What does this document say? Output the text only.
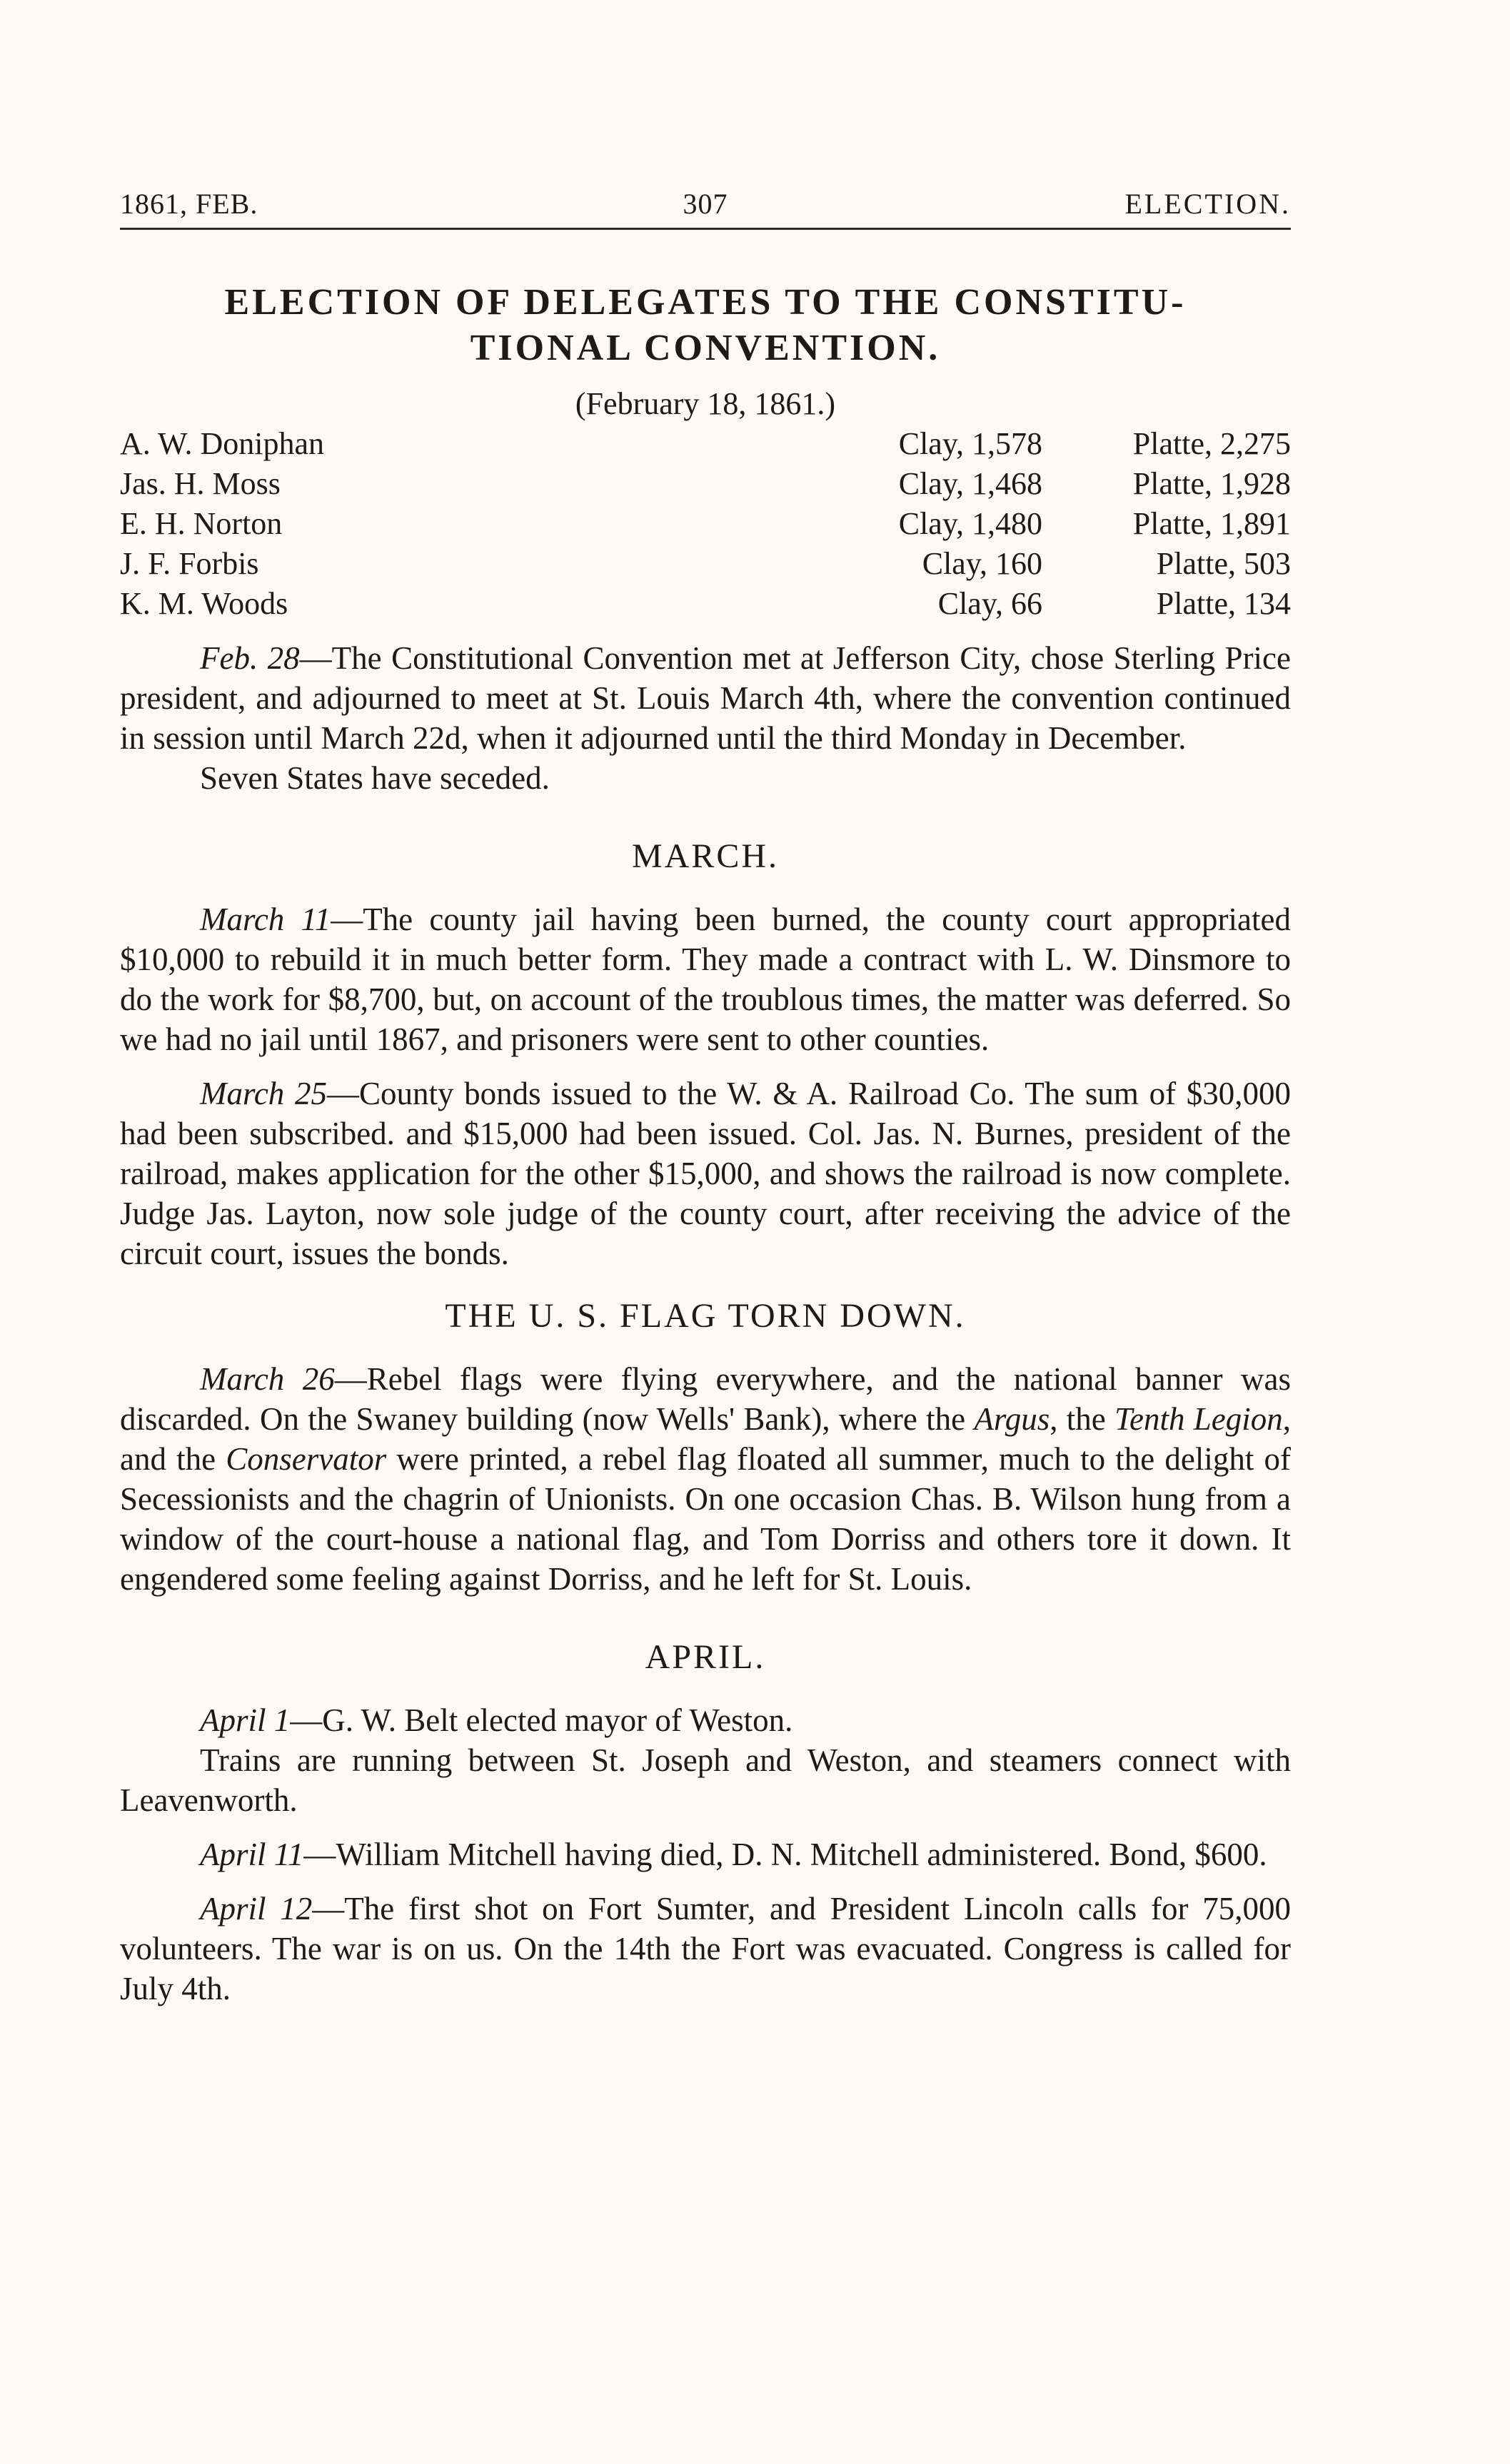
1861, FEB.	307	ELECTION.
ELECTION OF DELEGATES TO THE CONSTITU-
TIONAL CONVENTION.
(February 18, 1861.)
A. W. Doniphan	Clay, 1,578	Platte, 2,275
Jas. H. Moss	Clay, 1,468	Platte, 1,928
E. H. Norton	Clay, 1,480	Platte, 1,891
J. F. Forbis	Clay, 160	Platte, 503
K. M. Woods	Clay, 66	Platte, 134

Feb. 28—The Constitutional Convention met at Jefferson City, chose Sterling Price president, and adjourned to meet at St. Louis March 4th, where the convention continued in session until March 22d, when it adjourned until the third Monday in December.

Seven States have seceded.

MARCH.

March 11—The county jail having been burned, the county court appropriated $10,000 to rebuild it in much better form. They made a contract with L. W. Dinsmore to do the work for $8,700, but, on account of the troublous times, the matter was deferred. So we had no jail until 1867, and prisoners were sent to other counties.

March 25—County bonds issued to the W. & A. Railroad Co. The sum of $30,000 had been subscribed. and $15,000 had been issued. Col. Jas. N. Burnes, president of the railroad, makes application for the other $15,000, and shows the railroad is now complete. Judge Jas. Layton, now sole judge of the county court, after receiving the advice of the circuit court, issues the bonds.

THE U. S. FLAG TORN DOWN.

March 26—Rebel flags were flying everywhere, and the national banner was discarded. On the Swaney building (now Wells' Bank), where the Argus, the Tenth Legion, and the Conservator were printed, a rebel flag floated all summer, much to the delight of Secessionists and the chagrin of Unionists. On one occasion Chas. B. Wilson hung from a window of the court-house a national flag, and Tom Dorriss and others tore it down. It engendered some feeling against Dorriss, and he left for St. Louis.

APRIL.

April 1—G. W. Belt elected mayor of Weston.

Trains are running between St. Joseph and Weston, and steamers connect with Leavenworth.

April 11—William Mitchell having died, D. N. Mitchell administered. Bond, $600.

April 12—The first shot on Fort Sumter, and President Lincoln calls for 75,000 volunteers. The war is on us. On the 14th the Fort was evacuated. Congress is called for July 4th.
